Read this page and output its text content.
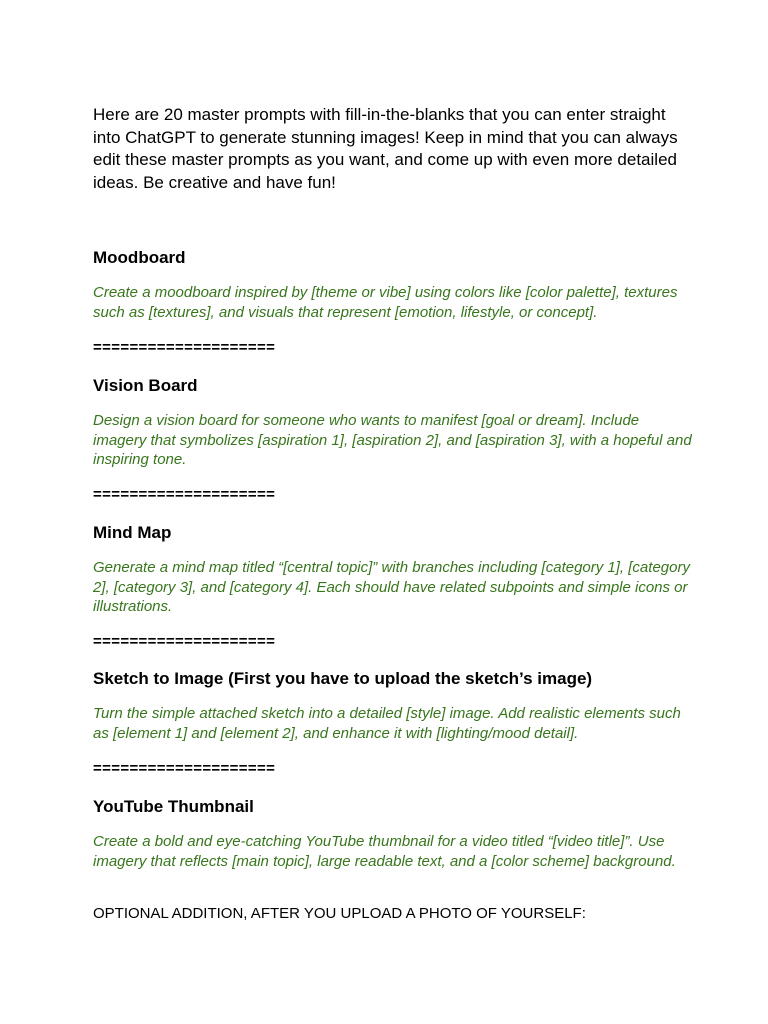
Here are 20 master prompts with fill-in-the-blanks that you can enter straight into ChatGPT to generate stunning images! Keep in mind that you can always edit these master prompts as you want, and come up with even more detailed ideas. Be creative and have fun!

Moodboard

Create a moodboard inspired by [theme or vibe] using colors like [color palette], textures such as [textures], and visuals that represent [emotion, lifestyle, or concept].

====================
Vision Board

Design a vision board for someone who wants to manifest [goal or dream]. Include imagery that symbolizes [aspiration 1], [aspiration 2], and [aspiration 3], with a hopeful and inspiring tone.

====================
Mind Map

Generate a mind map titled “[central topic]” with branches including [category 1], [category 2], [category 3], and [category 4]. Each should have related subpoints and simple icons or illustrations.

====================
Sketch to Image (First you have to upload the sketch’s image)

Turn the simple attached sketch into a detailed [style] image. Add realistic elements such as [element 1] and [element 2], and enhance it with [lighting/mood detail].

====================
YouTube Thumbnail

Create a bold and eye-catching YouTube thumbnail for a video titled “[video title]”. Use imagery that reflects [main topic], large readable text, and a [color scheme] background.

OPTIONAL ADDITION, AFTER YOU UPLOAD A PHOTO OF YOURSELF:
